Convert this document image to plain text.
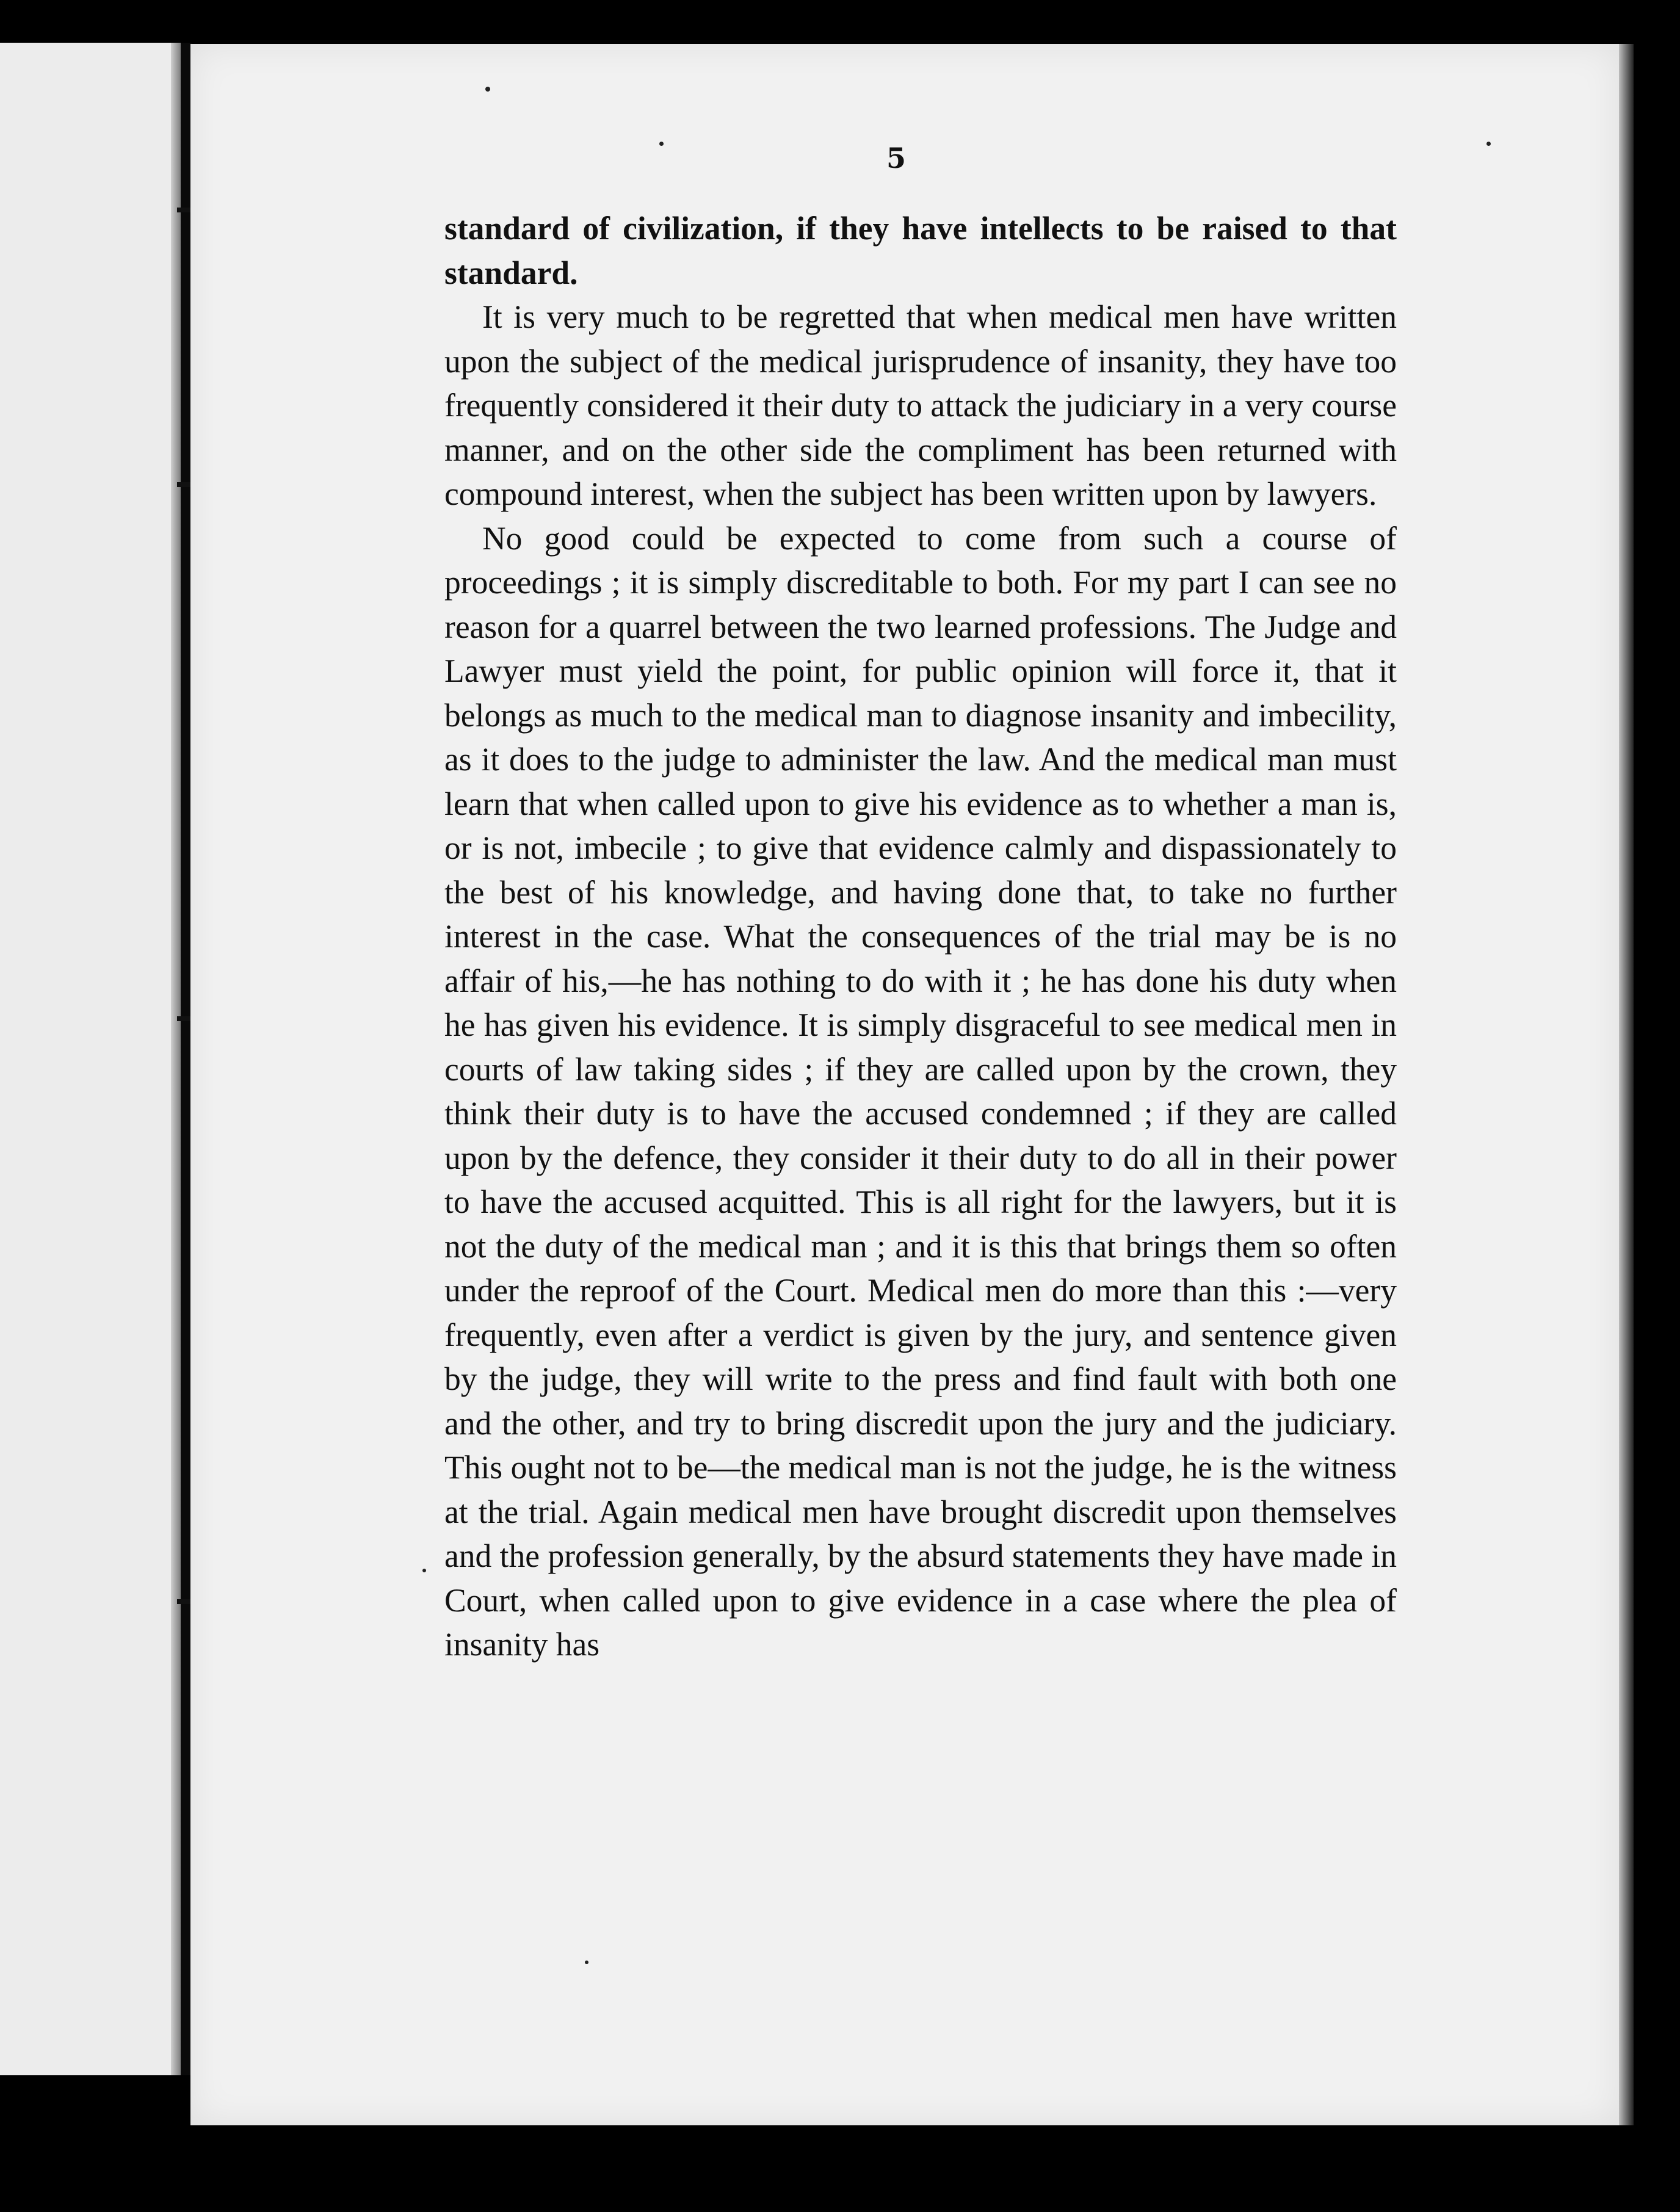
5

standard of civilization, if they have intellects to be raised to that standard.

It is very much to be regretted that when medical men have written upon the subject of the medical jurisprudence of insanity, they have too frequently considered it their duty to attack the judiciary in a very course manner, and on the other side the compliment has been returned with compound interest, when the subject has been written upon by lawyers.

No good could be expected to come from such a course of proceedings ; it is simply discreditable to both. For my part I can see no reason for a quarrel between the two learned professions. The Judge and Lawyer must yield the point, for public opinion will force it, that it belongs as much to the medical man to diagnose insanity and imbecility, as it does to the judge to administer the law. And the medical man must learn that when called upon to give his evidence as to whether a man is, or is not, imbecile ; to give that evidence calmly and dispassionately to the best of his knowledge, and having done that, to take no further interest in the case. What the consequences of the trial may be is no affair of his,—he has nothing to do with it ; he has done his duty when he has given his evidence. It is simply disgraceful to see medical men in courts of law taking sides ; if they are called upon by the crown, they think their duty is to have the accused condemned ; if they are called upon by the defence, they consider it their duty to do all in their power to have the accused acquitted. This is all right for the lawyers, but it is not the duty of the medical man ; and it is this that brings them so often under the reproof of the Court. Medical men do more than this :—very frequently, even after a verdict is given by the jury, and sentence given by the judge, they will write to the press and find fault with both one and the other, and try to bring discredit upon the jury and the judiciary. This ought not to be—the medical man is not the judge, he is the witness at the trial. Again medical men have brought discredit upon themselves and the profession generally, by the absurd statements they have made in Court, when called upon to give evidence in a case where the plea of insanity has
